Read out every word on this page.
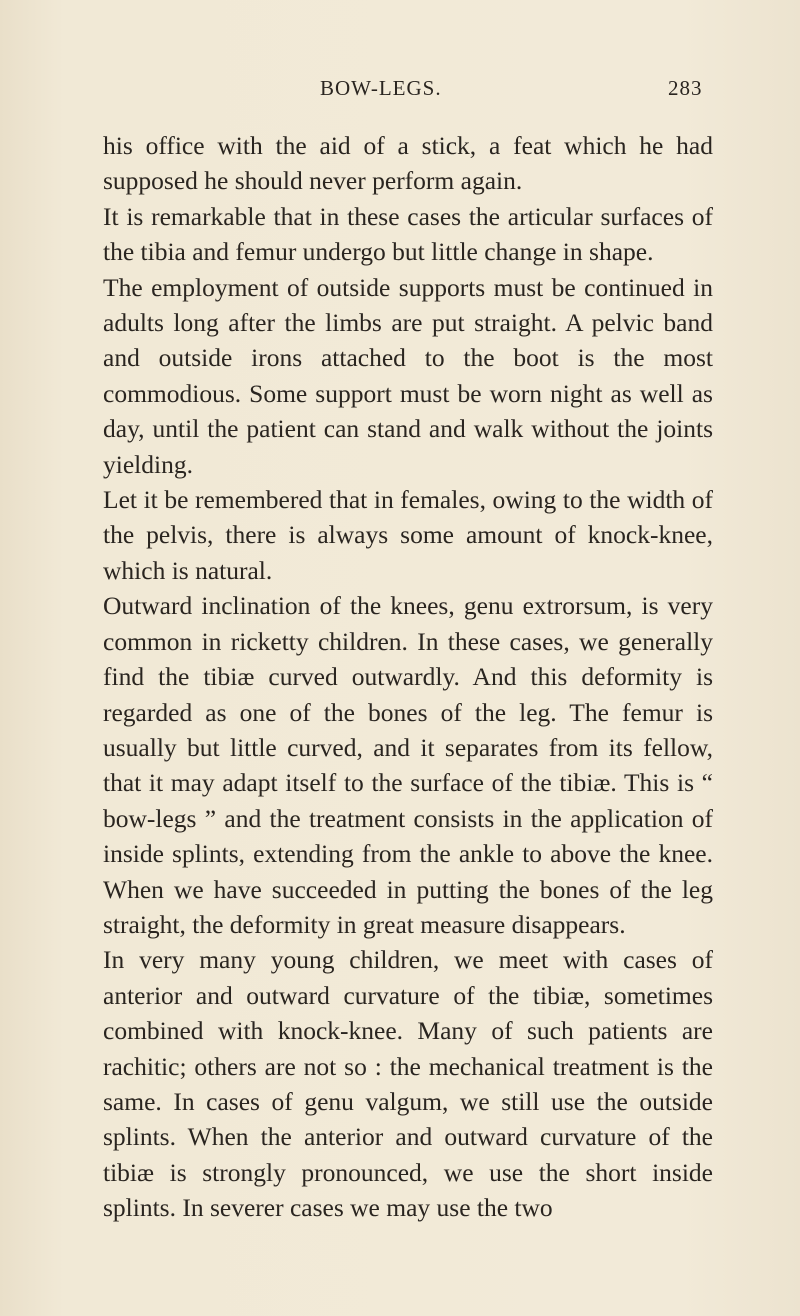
BOW-LEGS.	283

his office with the aid of a stick, a feat which he had supposed he should never perform again.

It is remarkable that in these cases the articular surfaces of the tibia and femur undergo but little change in shape.

The employment of outside supports must be continued in adults long after the limbs are put straight. A pelvic band and outside irons attached to the boot is the most commodious. Some support must be worn night as well as day, until the patient can stand and walk without the joints yielding.

Let it be remembered that in females, owing to the width of the pelvis, there is always some amount of knock-knee, which is natural.

Outward inclination of the knees, genu extrorsum, is very common in ricketty children. In these cases, we generally find the tibiæ curved outwardly. And this deformity is regarded as one of the bones of the leg. The femur is usually but little curved, and it separates from its fellow, that it may adapt itself to the surface of the tibiæ. This is “ bow-legs ” and the treatment consists in the application of inside splints, extending from the ankle to above the knee. When we have succeeded in putting the bones of the leg straight, the deformity in great measure disappears.

In very many young children, we meet with cases of anterior and outward curvature of the tibiæ, sometimes combined with knock-knee. Many of such patients are rachitic; others are not so : the mechanical treatment is the same. In cases of genu valgum, we still use the outside splints. When the anterior and outward curvature of the tibiæ is strongly pronounced, we use the short inside splints. In severer cases we may use the two
